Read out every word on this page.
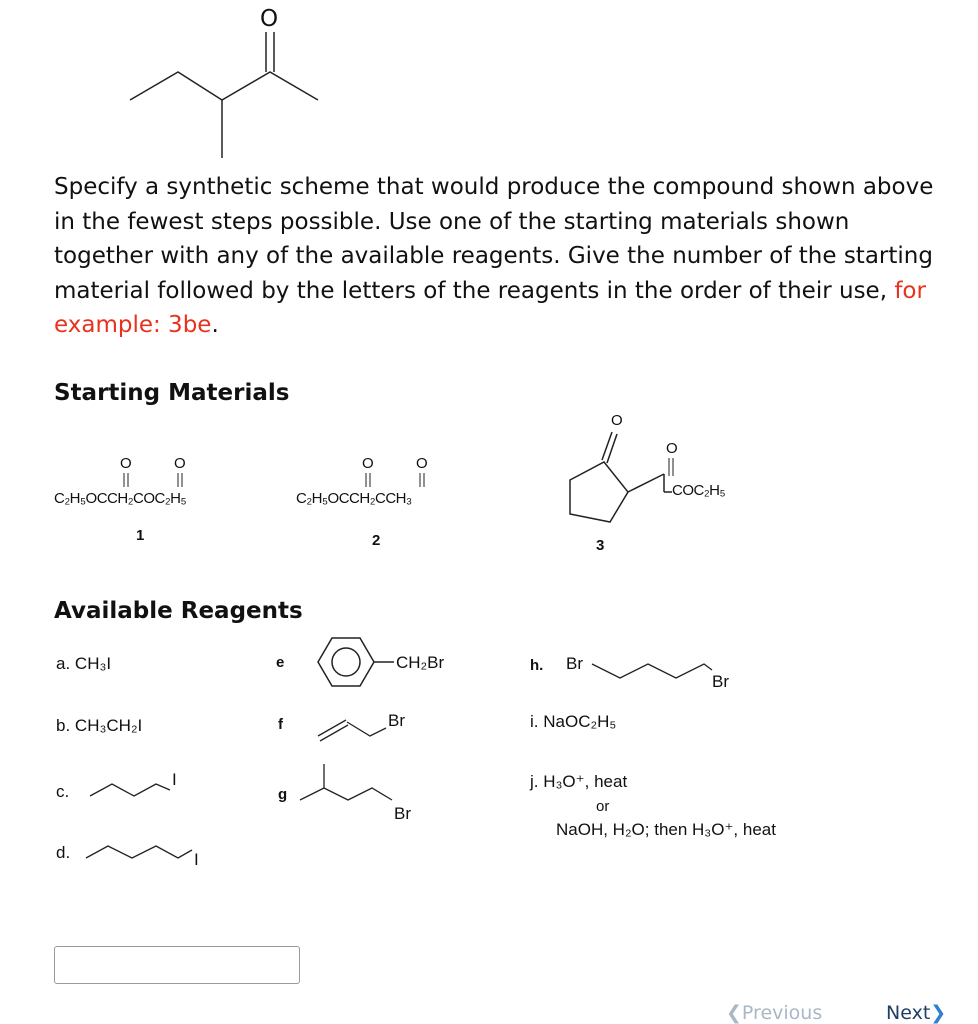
O
Specify a synthetic scheme that would produce the compound shown above in the fewest steps possible. Use one of the starting materials shown together with any of the available reagents. Give the number of the starting material followed by the letters of the reagents in the order of their use, for example: 3be.
Starting Materials
O	O
C₂H₅OCCH₂COC₂H₅
1
O	O
C₂H₅OCCH₂CCH₃
2
O
O
COC₂H₅
3
Available Reagents
a. CH₃I
b. CH₃CH₂I
c.
I
d.	I
e	CH₂Br
f	Br
g
Br
h. Br
Br
i. NaOC₂H₅
j. H₃O⁺, heat
or
NaOH, H₂O; then H₃O⁺, heat
❮Previous	Next❯
